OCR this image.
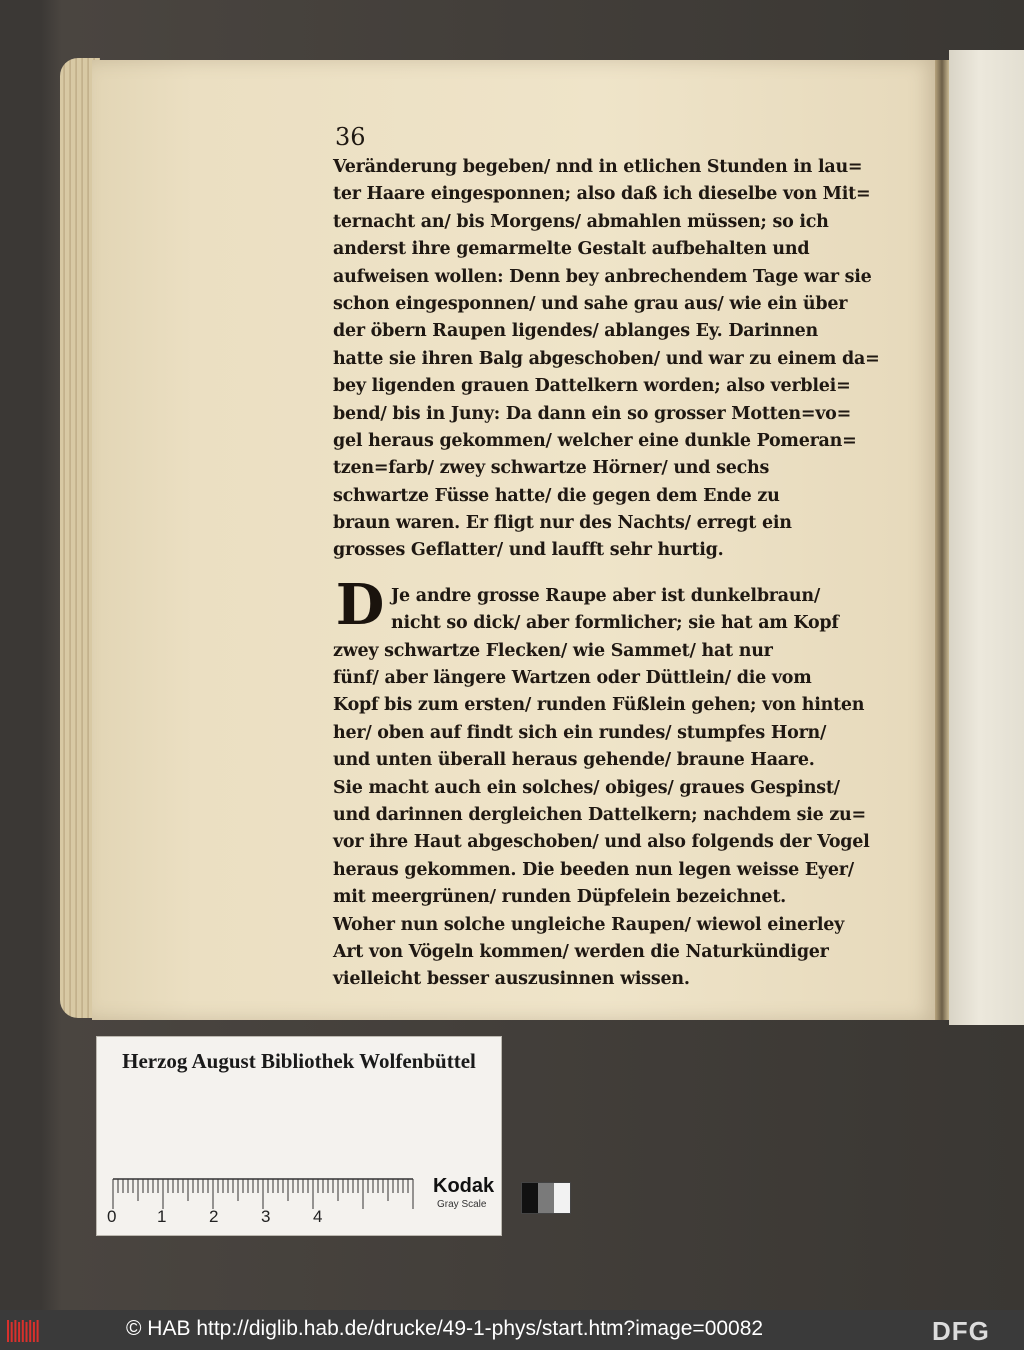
36
Veränderung begeben/ nnd in etlichen Stunden in lau=
ter Haare eingesponnen; also daß ich dieselbe von Mit=
ternacht an/ bis Morgens/ abmahlen müssen; so ich
anderst ihre gemarmelte Gestalt aufbehalten und
aufweisen wollen: Denn bey anbrechendem Tage war sie
schon eingesponnen/ und sahe grau aus/ wie ein über
der öbern Raupen ligendes/ ablanges Ey. Darinnen
hatte sie ihren Balg abgeschoben/ und war zu einem da=
bey ligenden grauen Dattelkern worden; also verblei=
bend/ bis in Juny: Da dann ein so grosser Motten=vo=
gel heraus gekommen/ welcher eine dunkle Pomeran=
tzen=farb/ zwey schwartze Hörner/ und sechs
schwartze Füsse hatte/ die gegen dem Ende zu
braun waren. Er fligt nur des Nachts/ erregt ein
grosses Geflatter/ und laufft sehr hurtig.
D Je andre grosse Raupe aber ist dunkelbraun/
nicht so dick/ aber formlicher; sie hat am Kopf
zwey schwartze Flecken/ wie Sammet/ hat nur
fünf/ aber längere Wartzen oder Düttlein/ die vom
Kopf bis zum ersten/ runden Füßlein gehen; von hinten
her/ oben auf findt sich ein rundes/ stumpfes Horn/
und unten überall heraus gehende/ braune Haare.
Sie macht auch ein solches/ obiges/ graues Gespinst/
und darinnen dergleichen Dattelkern; nachdem sie zu=
vor ihre Haut abgeschoben/ und also folgends der Vogel
heraus gekommen. Die beeden nun legen weisse Eyer/
mit meergrünen/ runden Düpfelein bezeichnet.
Woher nun solche ungleiche Raupen/ wiewol einerley
Art von Vögeln kommen/ werden die Naturkündiger
vielleicht besser auszusinnen wissen.
Herzog August Bibliothek Wolfenbüttel
0 1	2	3	4
Kodak
Gray Scale
© HAB http://diglib.hab.de/drucke/49-1-phys/start.htm?image=00082	DFG
